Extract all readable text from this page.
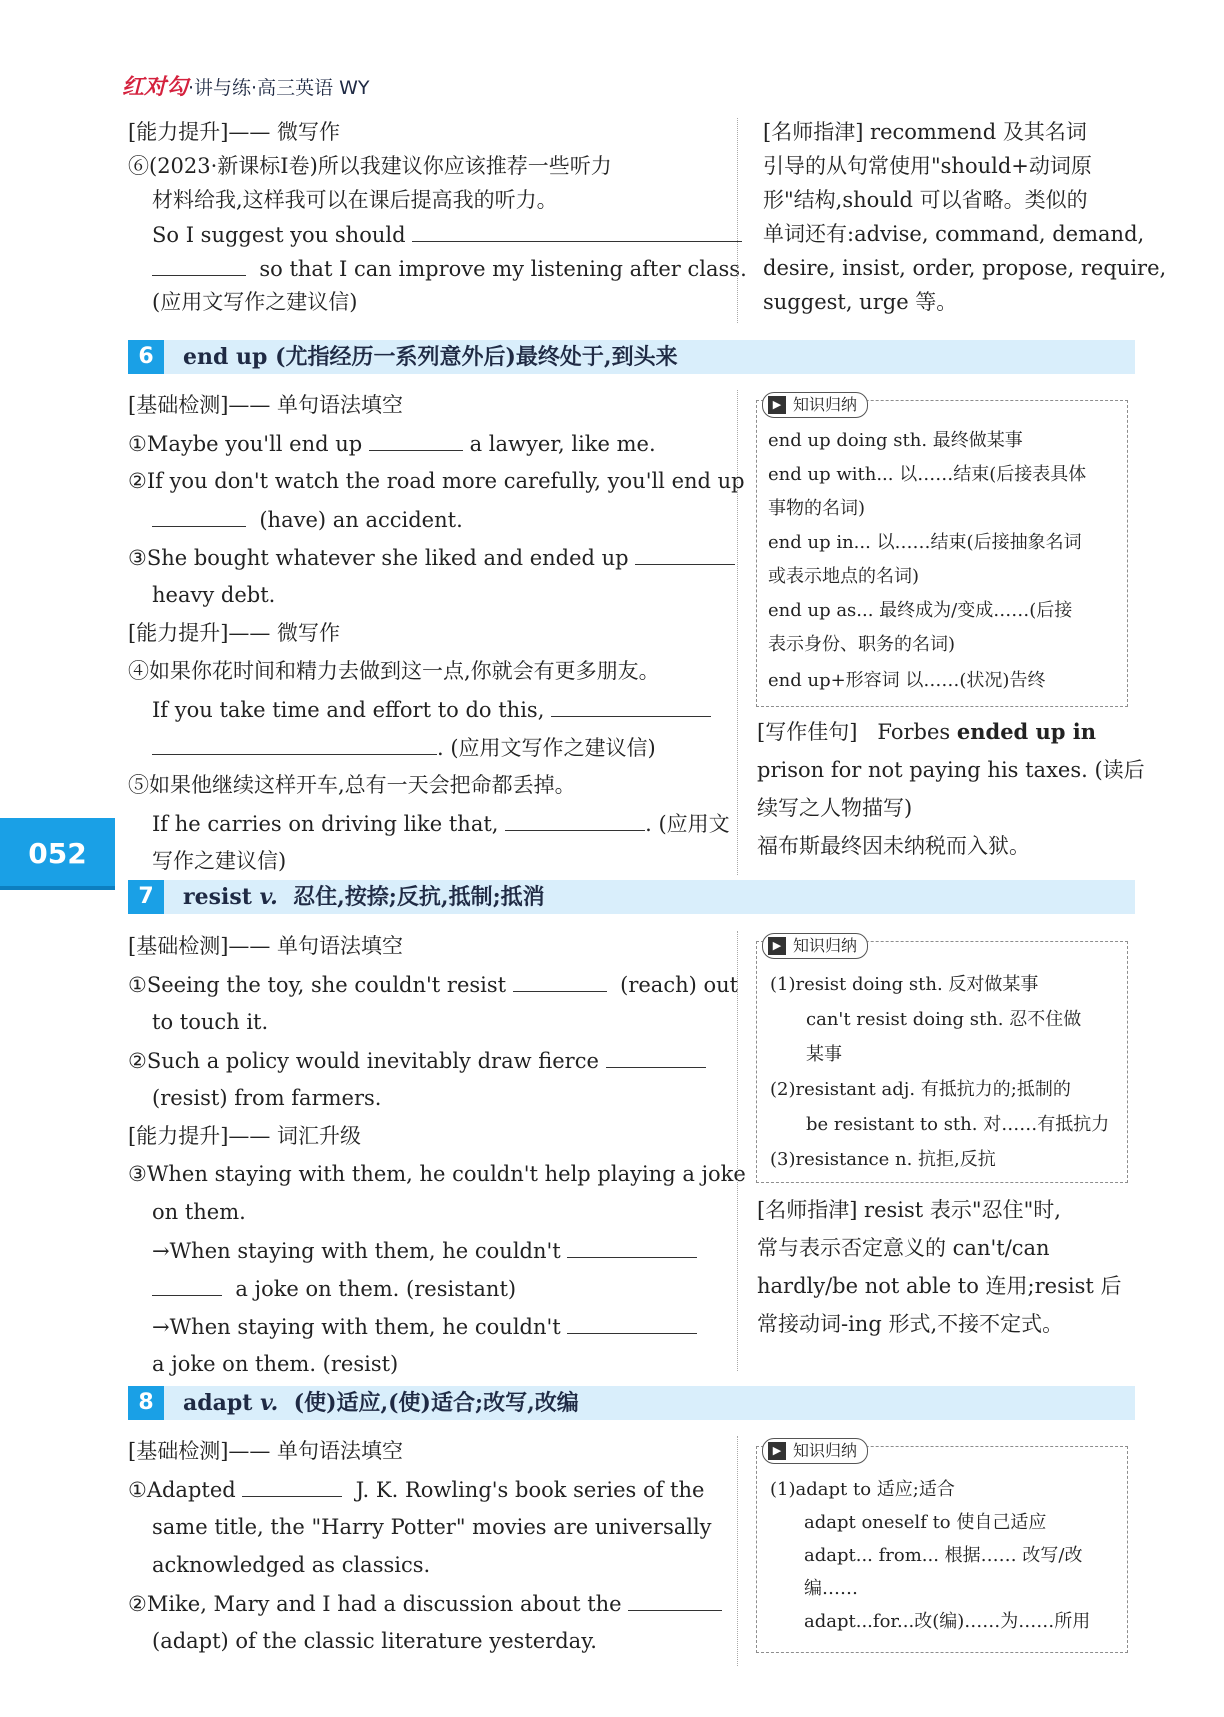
红对勾·讲与练·高三英语 WY
052
[能力提升]—— 微写作
⑥(2023·新课标Ⅰ卷)所以我建议你应该推荐一些听力
材料给我,这样我可以在课后提高我的听力。
So I suggest you should
so that I can improve my listening after class.
(应用文写作之建议信)
[名师指津] recommend 及其名词
引导的从句常使用"should+动词原
形"结构,should 可以省略。类似的
单词还有:advise, command, demand,
desire, insist, order, propose, require,
suggest, urge 等。
6	end up (尤指经历一系列意外后)最终处于,到头来
[基础检测]—— 单句语法填空
①Maybe you'll end up	a lawyer, like me.
②If you don't watch the road more carefully, you'll end up
(have) an accident.
③She bought whatever she liked and ended up
heavy debt.
[能力提升]—— 微写作
④如果你花时间和精力去做到这一点,你就会有更多朋友。
If you take time and effort to do this,
. (应用文写作之建议信)
⑤如果他继续这样开车,总有一天会把命都丢掉。
If he carries on driving like that,	. (应用文
写作之建议信)
▶ 知识归纳
end up doing sth. 最终做某事
end up with... 以……结束(后接表具体
事物的名词)
end up in... 以……结束(后接抽象名词
或表示地点的名词)
end up as... 最终成为/变成……(后接
表示身份、职务的名词)
end up+形容词 以……(状况)告终
[写作佳句] Forbes ended up in
prison for not paying his taxes. (读后
续写之人物描写)
福布斯最终因未纳税而入狱。
7	resist v. 忍住,按捺;反抗,抵制;抵消
[基础检测]—— 单句语法填空
①Seeing the toy, she couldn't resist	(reach) out
to touch it.
②Such a policy would inevitably draw fierce
(resist) from farmers.
[能力提升]—— 词汇升级
③When staying with them, he couldn't help playing a joke
on them.
→When staying with them, he couldn't
a joke on them. (resistant)
→When staying with them, he couldn't
a joke on them. (resist)
▶ 知识归纳
(1)resist doing sth. 反对做某事
can't resist doing sth. 忍不住做
某事
(2)resistant adj. 有抵抗力的;抵制的
be resistant to sth. 对……有抵抗力
(3)resistance n. 抗拒,反抗
[名师指津] resist 表示"忍住"时,
常与表示否定意义的 can't/can
hardly/be not able to 连用;resist 后
常接动词-ing 形式,不接不定式。
8	adapt v. (使)适应,(使)适合;改写,改编
[基础检测]—— 单句语法填空
①Adapted	J. K. Rowling's book series of the
same title, the "Harry Potter" movies are universally
acknowledged as classics.
②Mike, Mary and I had a discussion about the
(adapt) of the classic literature yesterday.
▶ 知识归纳
(1)adapt to 适应;适合
adapt oneself to 使自己适应
adapt... from... 根据…… 改写/改
编……
adapt...for...改(编)……为……所用
